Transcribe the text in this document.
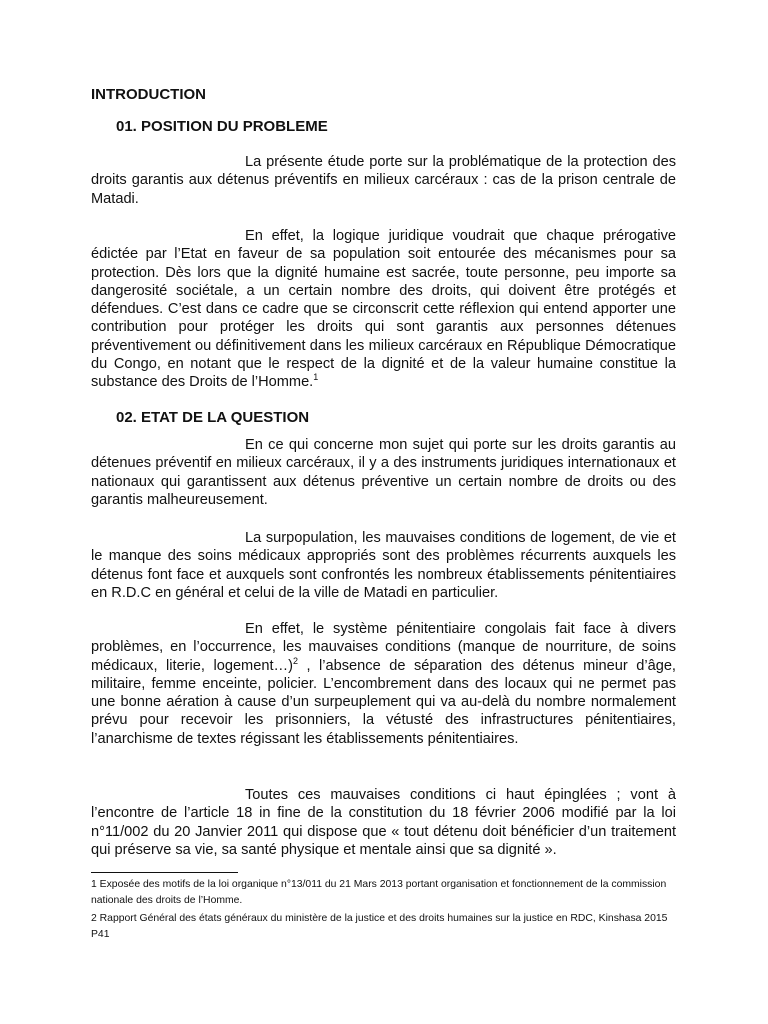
INTRODUCTION
01. POSITION DU PROBLEME

La présente étude porte sur la problématique de la protection des droits garantis aux détenus préventifs en milieux carcéraux : cas de la prison centrale de Matadi.

En effet, la logique juridique voudrait que chaque prérogative édictée par l’Etat en faveur de sa population soit entourée des mécanismes pour sa protection. Dès lors que la dignité humaine est sacrée, toute personne, peu importe sa dangerosité sociétale, a un certain nombre des droits, qui doivent être protégés et défendues. C’est dans ce cadre que se circonscrit cette réflexion qui entend apporter une contribution pour protéger les droits qui sont garantis aux personnes détenues préventivement ou définitivement dans les milieux carcéraux en République Démocratique du Congo, en notant que le respect de la dignité et de la valeur humaine constitue la substance des Droits de l’Homme.$^1$

02. ETAT DE LA QUESTION

En ce qui concerne mon sujet qui porte sur les droits garantis au détenues préventif en milieux carcéraux, il y a des instruments juridiques internationaux et nationaux qui garantissent aux détenus préventive un certain nombre de droits ou des garantis malheureusement.

La surpopulation, les mauvaises conditions de logement, de vie et le manque des soins médicaux appropriés sont des problèmes récurrents auxquels les détenus font face et auxquels sont confrontés les nombreux établissements pénitentiaires en R.D.C en général et celui de la ville de Matadi en particulier.

En effet, le système pénitentiaire congolais fait face à divers problèmes, en l’occurrence, les mauvaises conditions (manque de nourriture, de soins médicaux, literie, logement…)$^2$ , l’absence de séparation des détenus mineur d’âge, militaire, femme enceinte, policier. L’encombrement dans des locaux qui ne permet pas une bonne aération à cause d’un surpeuplement qui va au-delà du nombre normalement prévu pour recevoir les prisonniers, la vétusté des infrastructures pénitentiaires, l’anarchisme de textes régissant les établissements pénitentiaires.

Toutes ces mauvaises conditions ci haut épinglées ; vont à l’encontre de l’article 18 in fine de la constitution du 18 février 2006 modifié par la loi n°11/002 du 20 Janvier 2011 qui dispose que « tout détenu doit bénéficier d’un traitement qui préserve sa vie, sa santé physique et mentale ainsi que sa dignité ».

1 Exposée des motifs de la loi organique n°13/011 du 21 Mars 2013 portant organisation et fonctionnement de la commission nationale des droits de l’Homme.

2 Rapport Général des états généraux du ministère de la justice et des droits humaines sur la justice en RDC, Kinshasa 2015 P41
